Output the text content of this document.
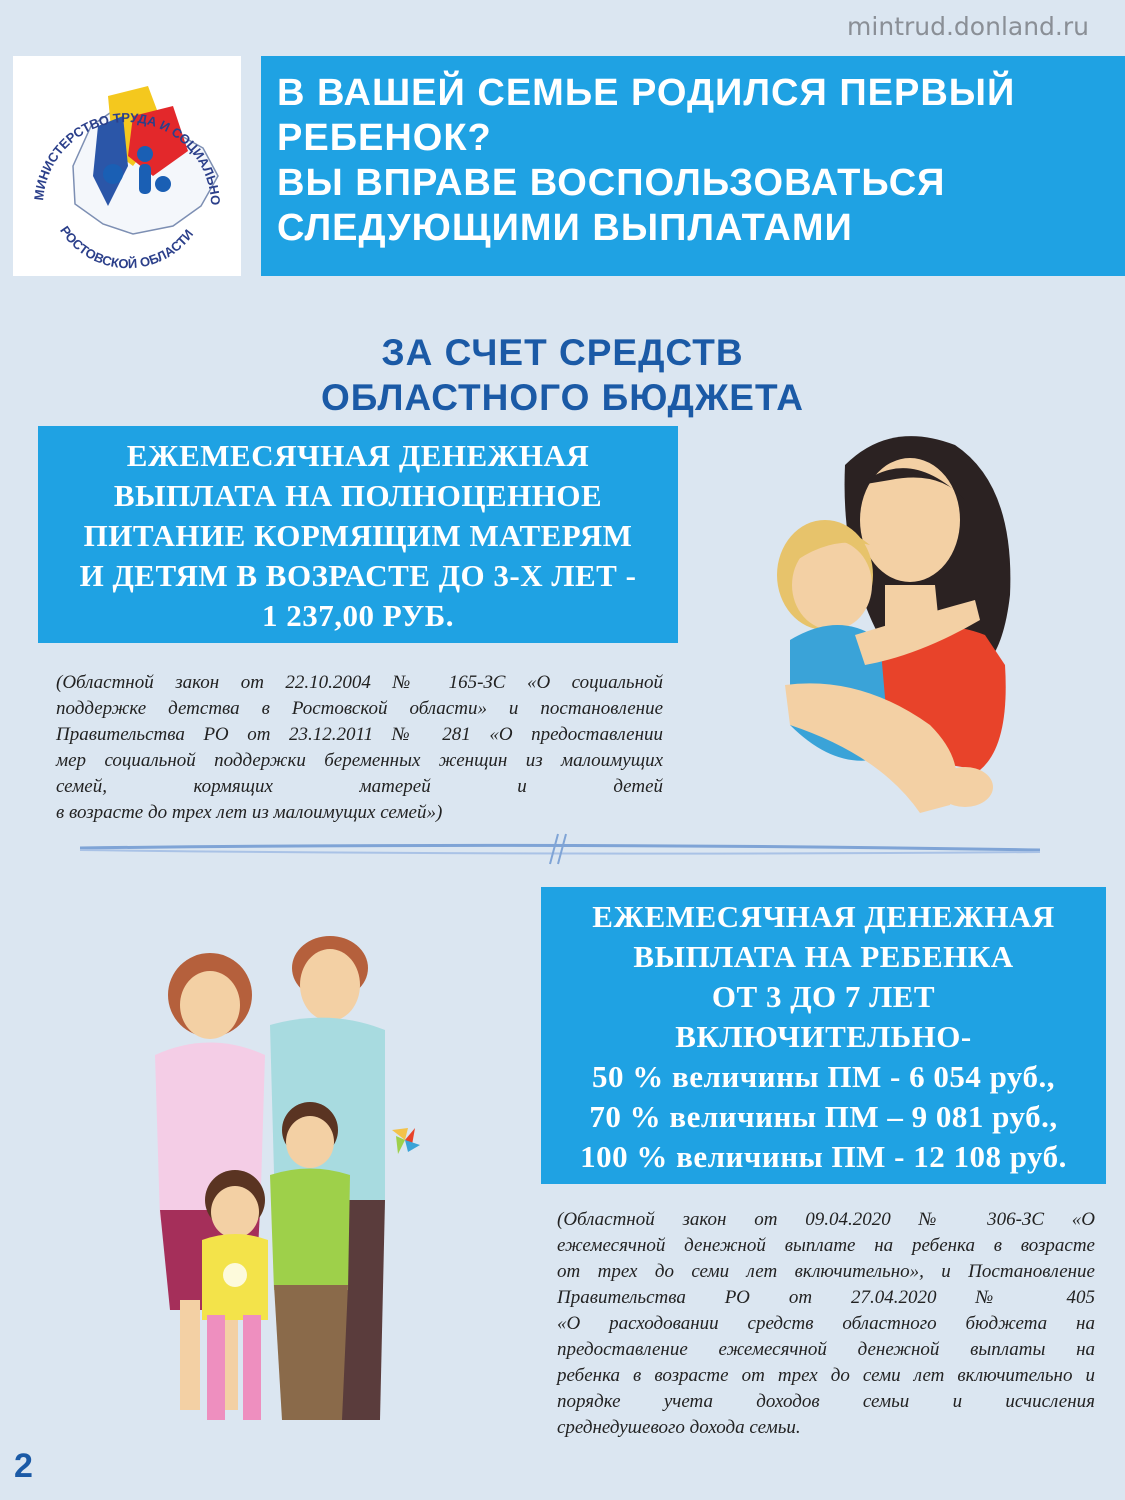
mintrud.donland.ru
МИНИСТЕРСТВО ТРУДА И СОЦИАЛЬНО
РОСТОВСКОЙ ОБЛАСТИ
В ВАШЕЙ СЕМЬЕ РОДИЛСЯ ПЕРВЫЙ
РЕБЕНОК?
ВЫ ВПРАВЕ ВОСПОЛЬЗОВАТЬСЯ
СЛЕДУЮЩИМИ ВЫПЛАТАМИ
ЗА СЧЕТ СРЕДСТВ
ОБЛАСТНОГО БЮДЖЕТА
ЕЖЕМЕСЯЧНАЯ ДЕНЕЖНАЯ
ВЫПЛАТА НА ПОЛНОЦЕННОЕ
ПИТАНИЕ КОРМЯЩИМ МАТЕРЯМ
И ДЕТЯМ В ВОЗРАСТЕ ДО 3-Х ЛЕТ -
1 237,00 РУБ.
(Областной закон от 22.10.2004 № 165-ЗС «О социальной
поддержке детства в Ростовской области» и постановление
Правительства РО от 23.12.2011 № 281 «О предоставлении
мер социальной поддержки беременных женщин из малоимущих
семей, кормящих матерей и детей
в возрасте до трех лет из малоимущих семей»)
ЕЖЕМЕСЯЧНАЯ ДЕНЕЖНАЯ
ВЫПЛАТА НА РЕБЕНКА
ОТ 3 ДО 7 ЛЕТ
ВКЛЮЧИТЕЛЬНО-
50 % величины ПМ - 6 054 руб.,
70 % величины ПМ – 9 081 руб.,
100 % величины ПМ - 12 108 руб.
(Областной закон от 09.04.2020 № 306-ЗС «О
ежемесячной денежной выплате на ребенка в возрасте
от трех до семи лет включительно», и Постановление
Правительства РО от 27.04.2020 № 405
«О расходовании средств областного бюджета на
предоставление ежемесячной денежной выплаты на
ребенка в возрасте от трех до семи лет включительно и
порядке учета доходов семьи и исчисления
среднедушевого дохода семьи.
2
